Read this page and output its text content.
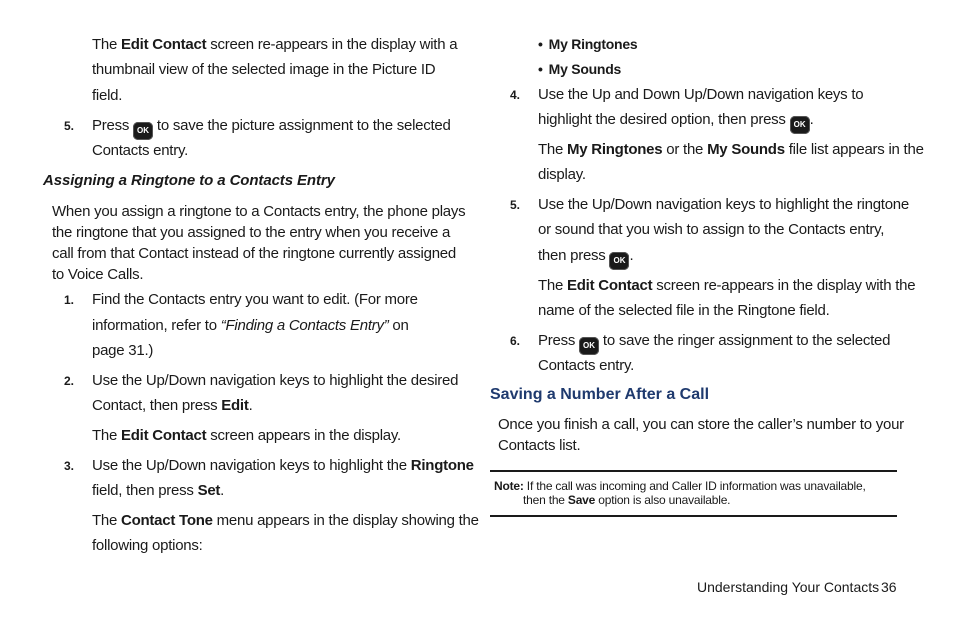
The Edit Contact screen re-appears in the display with a
thumbnail view of the selected image in the Picture ID
field.
5. Press OK to save the picture assignment to the selected
Contacts entry.
Assigning a Ringtone to a Contacts Entry
When you assign a ringtone to a Contacts entry, the phone plays
the ringtone that you assigned to the entry when you receive a
call from that Contact instead of the ringtone currently assigned
to Voice Calls.
1. Find the Contacts entry you want to edit. (For more
information, refer to “Finding a Contacts Entry” on
page 31.)
2. Use the Up/Down navigation keys to highlight the desired
Contact, then press Edit.
The Edit Contact screen appears in the display.
3. Use the Up/Down navigation keys to highlight the Ringtone
field, then press Set.
The Contact Tone menu appears in the display showing the
following options:
• My Ringtones
• My Sounds
4. Use the Up and Down Up/Down navigation keys to
highlight the desired option, then press OK .
The My Ringtones or the My Sounds file list appears in the
display.
5. Use the Up/Down navigation keys to highlight the ringtone
or sound that you wish to assign to the Contacts entry,
then press OK .
The Edit Contact screen re-appears in the display with the
name of the selected file in the Ringtone field.
6. Press OK to save the ringer assignment to the selected
Contacts entry.
Saving a Number After a Call
Once you finish a call, you can store the caller’s number to your
Contacts list.
Note: If the call was incoming and Caller ID information was unavailable,
then the Save option is also unavailable.
Understanding Your Contacts 36
